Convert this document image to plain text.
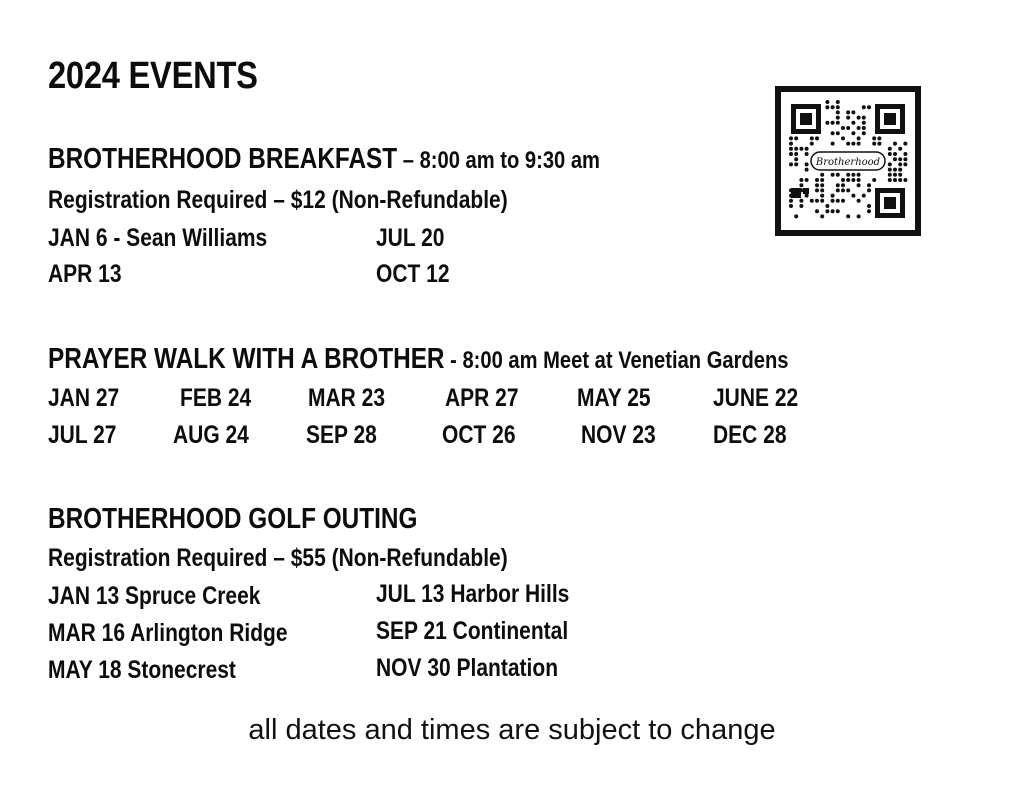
2024 EVENTS
Brotherhood
BROTHERHOOD BREAKFAST – 8:00 am to 9:30 am
Registration Required – $12 (Non-Refundable)
JAN 6 - Sean Williams
APR 13
JUL 20
OCT 12
PRAYER WALK WITH A BROTHER - 8:00 am Meet at Venetian Gardens
JAN 27 FEB 24 MAR 23 APR 27 MAY 25 JUNE 22
JUL 27 AUG 24 SEP 28	OCT 26	NOV 23 DEC 28
BROTHERHOOD GOLF OUTING
Registration Required – $55 (Non-Refundable)
JAN 13 Spruce Creek
MAR 16 Arlington Ridge
MAY 18 Stonecrest
JUL 13 Harbor Hills
SEP 21 Continental
NOV 30 Plantation
all dates and times are subject to change
